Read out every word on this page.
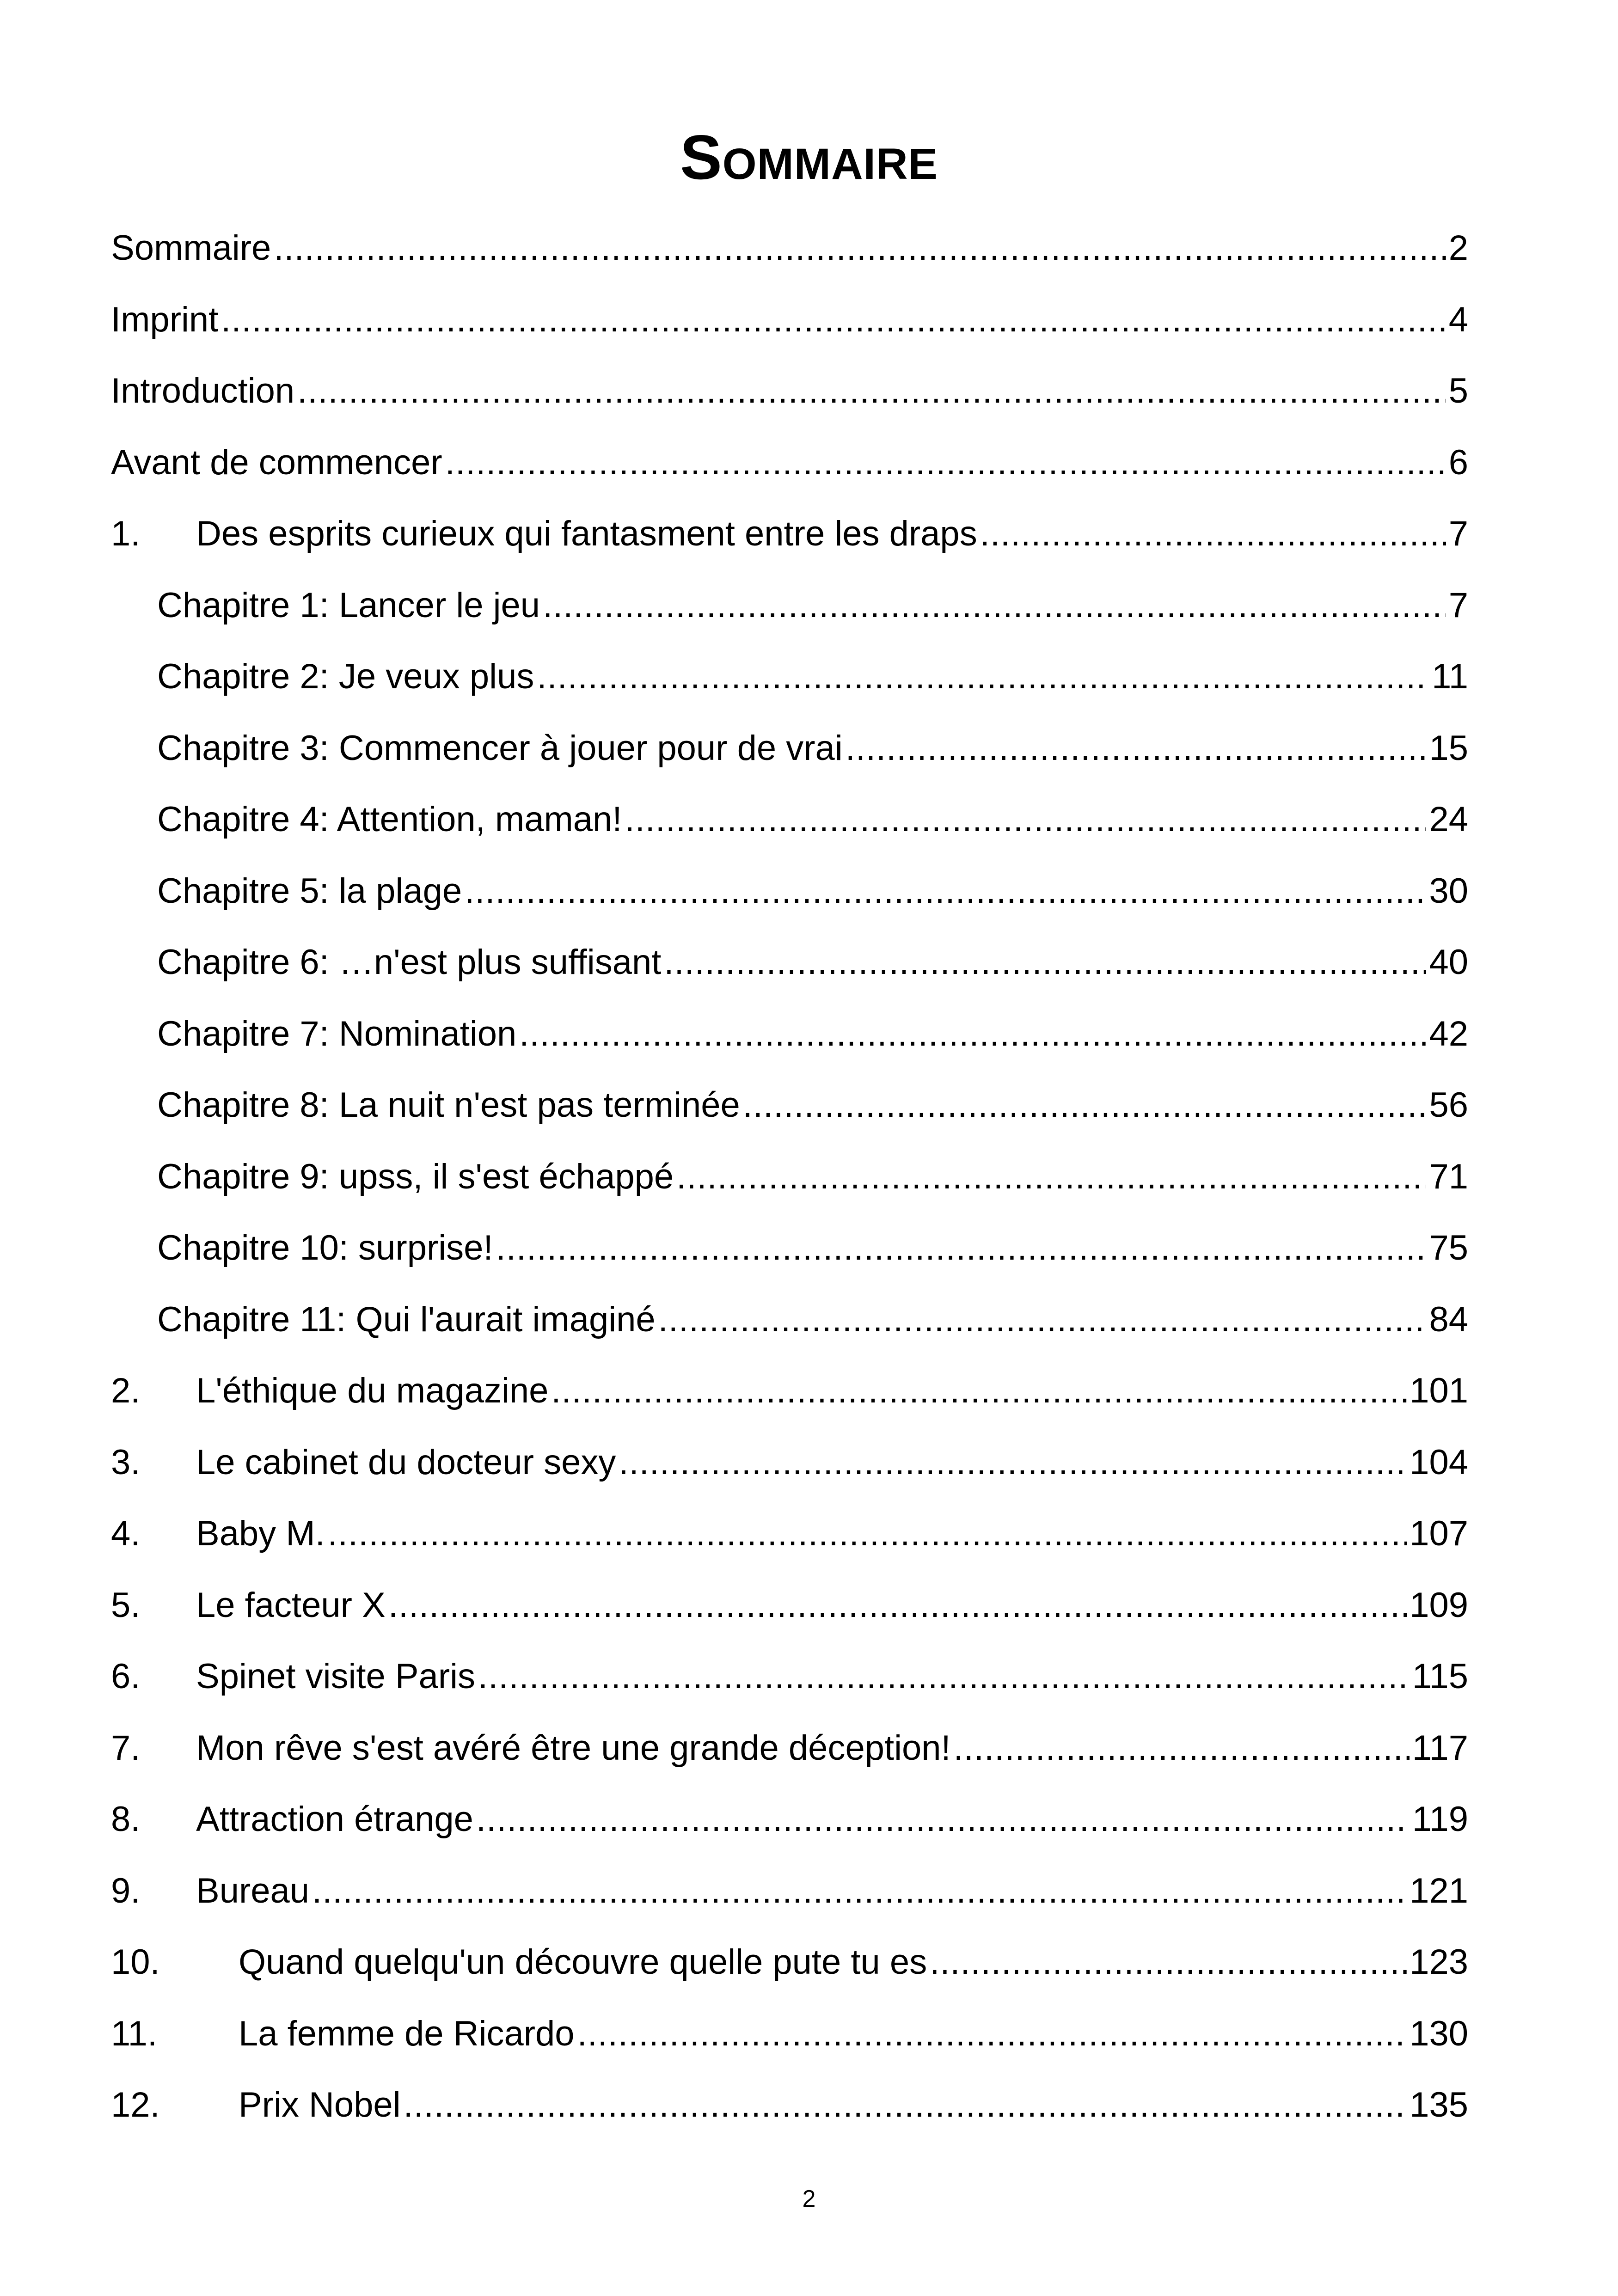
Sommaire
Sommaire .....	2
Imprint .....	4
Introduction .....	5
Avant de commencer .....	6
1.	Des esprits curieux qui fantasment entre les draps .....	7
Chapitre 1: Lancer le jeu .....	7
Chapitre 2: Je veux plus .....	11
Chapitre 3: Commencer à jouer pour de vrai .....	15
Chapitre 4: Attention, maman! .....	24
Chapitre 5: la plage .....	30
Chapitre 6: …n'est plus suffisant .....	40
Chapitre 7: Nomination .....	42
Chapitre 8: La nuit n'est pas terminée .....	56
Chapitre 9: upss, il s'est échappé .....	71
Chapitre 10: surprise! .....	75
Chapitre 11: Qui l'aurait imaginé .....	84
2.	L'éthique du magazine .....	101
3.	Le cabinet du docteur sexy .....	104
4.	Baby M. .....	107
5.	Le facteur X .....	109
6.	Spinet visite Paris .....	115
7.	Mon rêve s'est avéré être une grande déception! .....	117
8.	Attraction étrange .....	119
9.	Bureau .....	121
10.	Quand quelqu'un découvre quelle pute tu es .....	123
11.	La femme de Ricardo .....	130
12.	Prix Nobel .....	135
2
